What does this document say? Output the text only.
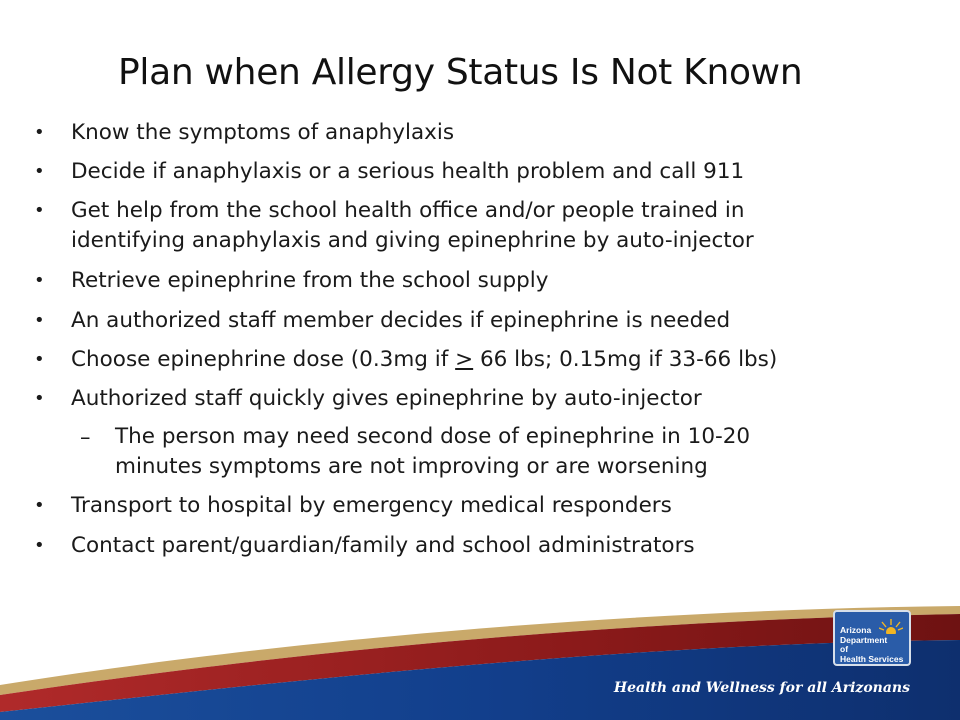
Plan when Allergy Status Is Not Known
•	Know the symptoms of anaphylaxis
•	Decide if anaphylaxis or a serious health problem and call 911
•	Get help from the school health office and/or people trained in
identifying anaphylaxis and giving epinephrine by auto-injector
•	Retrieve epinephrine from the school supply
•	An authorized staff member decides if epinephrine is needed
•	Choose epinephrine dose (0.3mg if ≥ 66 lbs; 0.15mg if 33-66 lbs)
•	Authorized staff quickly gives epinephrine by auto-injector
–	The person may need second dose of epinephrine in 10-20
minutes symptoms are not improving or are worsening
•	Transport to hospital by emergency medical responders
•	Contact parent/guardian/family and school administrators
Arizona
Department
of
Health Services
Health and Wellness for all Arizonans
